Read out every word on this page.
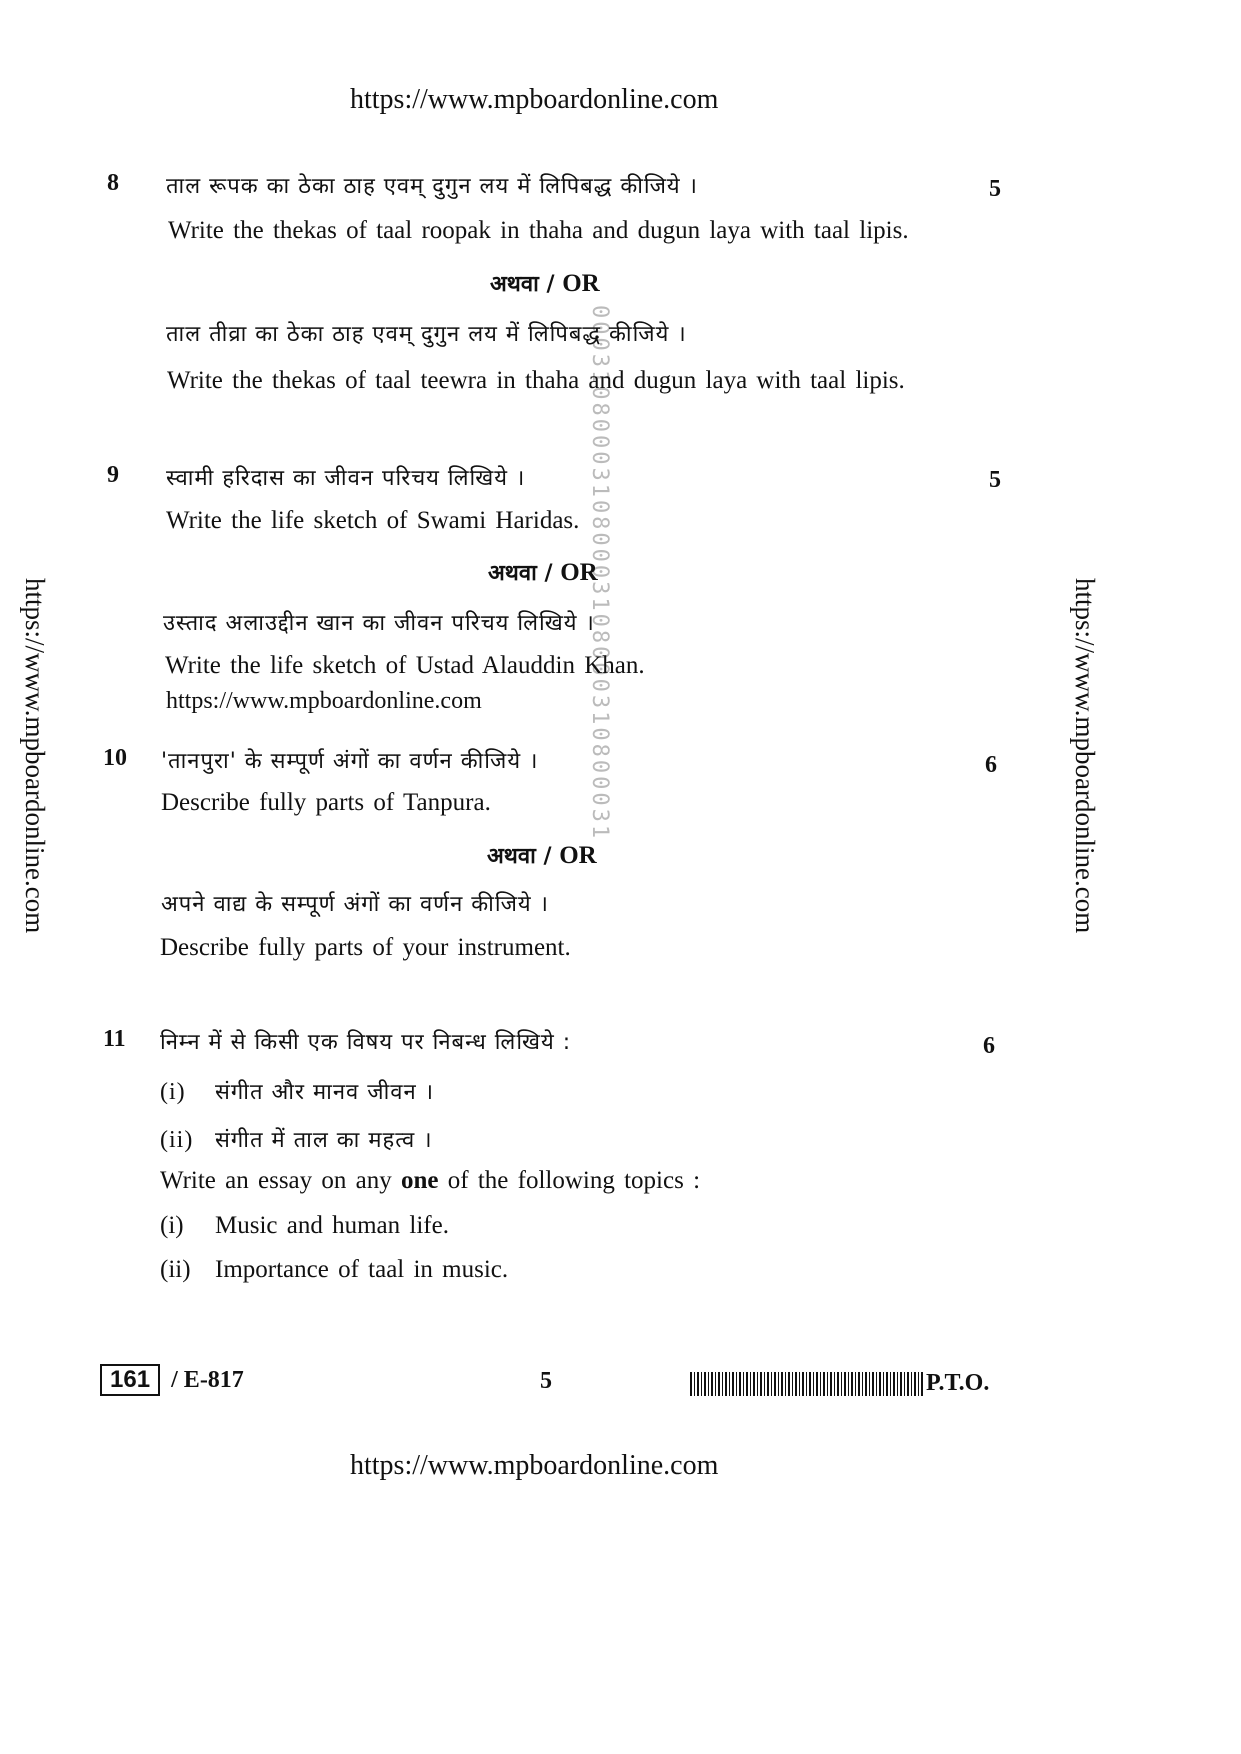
https://www.mpboardonline.com
https://www.mpboardonline.com	https://www.mpboardonline.com
000310800031080003108000310800031
8	5
ताल रूपक का ठेका ठाह एवम् दुगुन लय में लिपिबद्ध कीजिये ।
Write the thekas of taal roopak in thaha and dugun laya with taal lipis.
अथवा / OR
ताल तीव्रा का ठेका ठाह एवम् दुगुन लय में लिपिबद्ध कीजिये ।
Write the thekas of taal teewra in thaha and dugun laya with taal lipis.
9	5
स्वामी हरिदास का जीवन परिचय लिखिये ।
Write the life sketch of Swami Haridas.
अथवा / OR
उस्ताद अलाउद्दीन खान का जीवन परिचय लिखिये ।
Write the life sketch of Ustad Alauddin Khan.
https://www.mpboardonline.com
10	6
'तानपुरा' के सम्पूर्ण अंगों का वर्णन कीजिये ।
Describe fully parts of Tanpura.
अथवा / OR
अपने वाद्य के सम्पूर्ण अंगों का वर्णन कीजिये ।
Describe fully parts of your instrument.
11	6
निम्न में से किसी एक विषय पर निबन्ध लिखिये :
(i) संगीत और मानव जीवन ।
(ii) संगीत में ताल का महत्व ।
Write an essay on any one of the following topics :
(i) Music and human life.
(ii) Importance of taal in music.
161 / E-817	5	P.T.O.
https://www.mpboardonline.com
